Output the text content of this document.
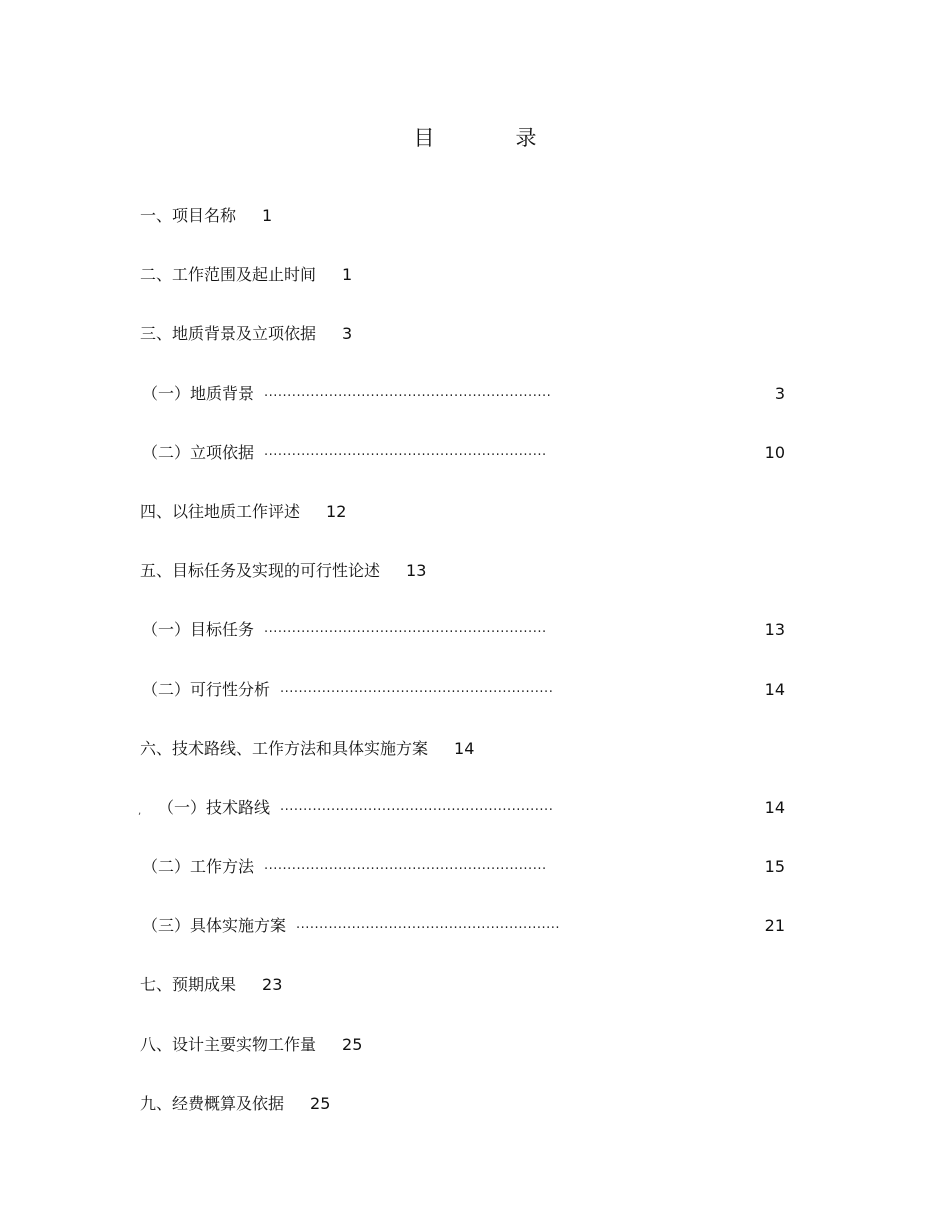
目　录
一、项目名称 1
二、工作范围及起止时间 1
三、地质背景及立项依据 3
（一）地质背景 ..............................................................	3
（二）立项依据 .............................................................	10
四、以往地质工作评述 12
五、目标任务及实现的可行性论述 13
（一）目标任务 .............................................................	13
（二）可行性分析 ...........................................................	14
六、技术路线、工作方法和具体实施方案 14
, （一）技术路线 ...........................................................	14
（二）工作方法 .............................................................	15
（三）具体实施方案 .........................................................	21
七、预期成果 23
八、设计主要实物工作量 25
九、经费概算及依据 25
